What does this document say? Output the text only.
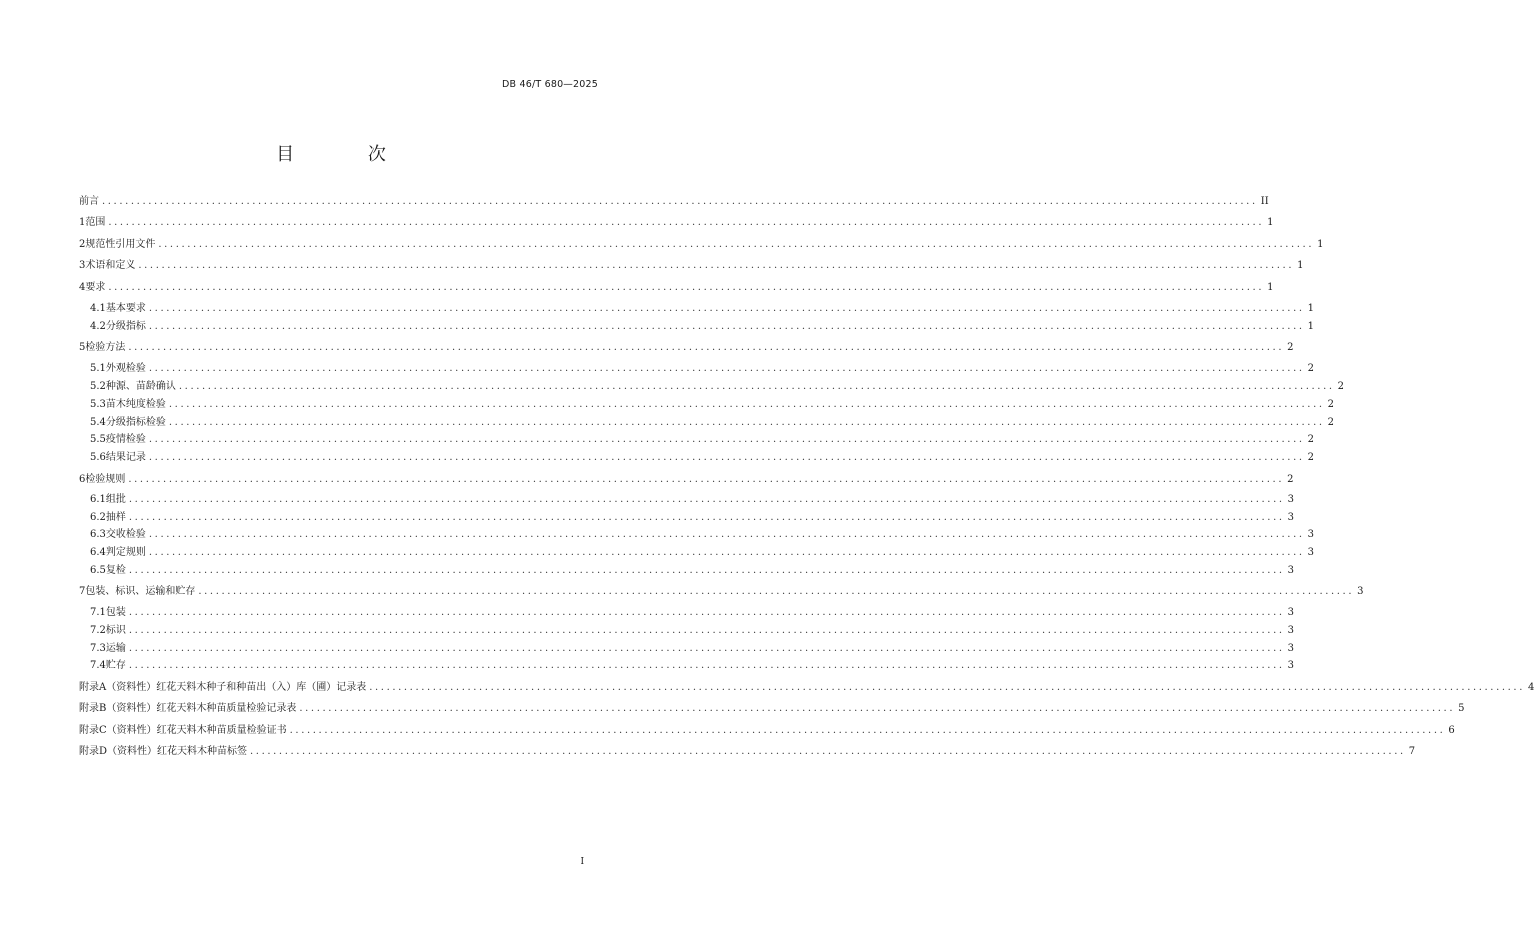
DB 46/T 680—2025
目 次
前言 ........................................................................................................................................................................................................ II
1 范围 ........................................................................................................................................................................................................ 1
2 规范性引用文件 ........................................................................................................................................................................................................ 1
3 术语和定义 ........................................................................................................................................................................................................ 1
4 要求 ........................................................................................................................................................................................................ 1
4.1 基本要求 ........................................................................................................................................................................................................ 1
4.2 分级指标 ........................................................................................................................................................................................................ 1
5 检验方法 ........................................................................................................................................................................................................ 2
5.1 外观检验 ........................................................................................................................................................................................................ 2
5.2 种源、苗龄确认 ........................................................................................................................................................................................................ 2
5.3 苗木纯度检验 ........................................................................................................................................................................................................ 2
5.4 分级指标检验 ........................................................................................................................................................................................................ 2
5.5 疫情检验 ........................................................................................................................................................................................................ 2
5.6 结果记录 ........................................................................................................................................................................................................ 2
6 检验规则 ........................................................................................................................................................................................................ 2
6.1 组批 ........................................................................................................................................................................................................ 3
6.2 抽样 ........................................................................................................................................................................................................ 3
6.3 交收检验 ........................................................................................................................................................................................................ 3
6.4 判定规则 ........................................................................................................................................................................................................ 3
6.5 复检 ........................................................................................................................................................................................................ 3
7 包装、标识、运输和贮存 ........................................................................................................................................................................................................ 3
7.1 包装 ........................................................................................................................................................................................................ 3
7.2 标识 ........................................................................................................................................................................................................ 3
7.3 运输 ........................................................................................................................................................................................................ 3
7.4 贮存 ........................................................................................................................................................................................................ 3
附录A（资料性） 红花天料木种子和种苗出（入）库（圃）记录表 ........................................................................................................................................................................................................ 4
附录B（资料性） 红花天料木种苗质量检验记录表 ........................................................................................................................................................................................................ 5
附录C（资料性） 红花天料木种苗质量检验证书 ........................................................................................................................................................................................................ 6
附录D（资料性） 红花天料木种苗标签 ........................................................................................................................................................................................................ 7
I
